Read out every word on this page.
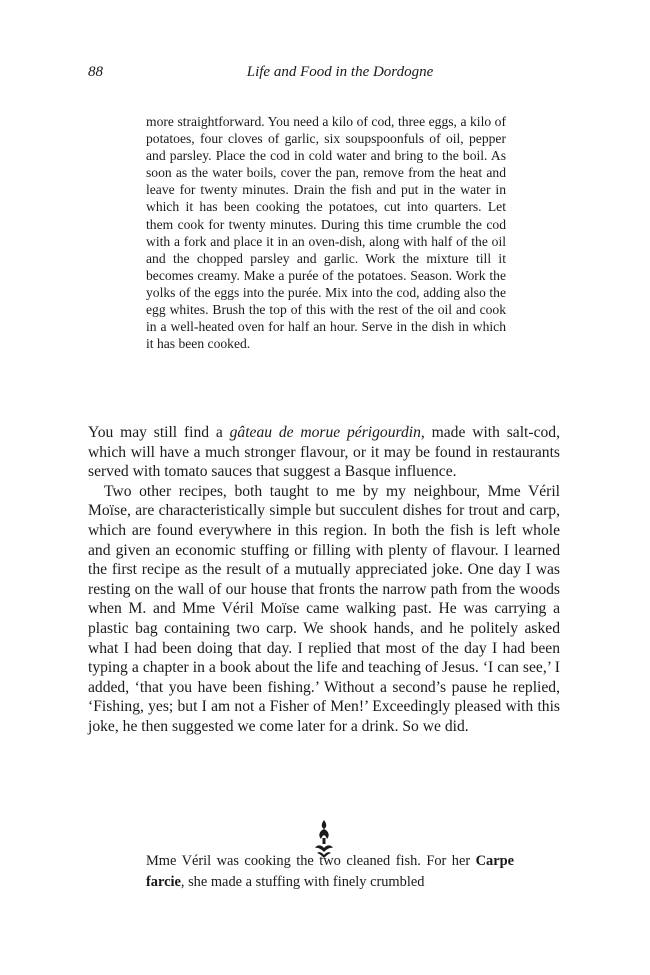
88	Life and Food in the Dordogne

more straightforward. You need a kilo of cod, three eggs, a kilo of potatoes, four cloves of garlic, six soupspoonfuls of oil, pepper and parsley. Place the cod in cold water and bring to the boil. As soon as the water boils, cover the pan, remove from the heat and leave for twenty minutes. Drain the fish and put in the water in which it has been cooking the potatoes, cut into quarters. Let them cook for twenty minutes. During this time crumble the cod with a fork and place it in an oven-dish, along with half of the oil and the chopped parsley and garlic. Work the mixture till it becomes creamy. Make a purée of the potatoes. Season. Work the yolks of the eggs into the purée. Mix into the cod, adding also the egg whites. Brush the top of this with the rest of the oil and cook in a well-heated oven for half an hour. Serve in the dish in which it has been cooked.

You may still find a gâteau de morue périgourdin, made with salt-cod, which will have a much stronger flavour, or it may be found in restaurants served with tomato sauces that suggest a Basque influence.

Two other recipes, both taught to me by my neighbour, Mme Véril Moïse, are characteristically simple but succulent dishes for trout and carp, which are found everywhere in this region. In both the fish is left whole and given an economic stuffing or filling with plenty of flavour. I learned the first recipe as the result of a mutually appreciated joke. One day I was resting on the wall of our house that fronts the narrow path from the woods when M. and Mme Véril Moïse came walking past. He was carrying a plastic bag containing two carp. We shook hands, and he politely asked what I had been doing that day. I replied that most of the day I had been typing a chapter in a book about the life and teaching of Jesus. ‘I can see,’ I added, ‘that you have been fishing.’ Without a second’s pause he replied, ‘Fishing, yes; but I am not a Fisher of Men!’ Exceedingly pleased with this joke, he then suggested we come later for a drink. So we did.

Mme Véril was cooking the two cleaned fish. For her Carpe farcie, she made a stuffing with finely crumbled
